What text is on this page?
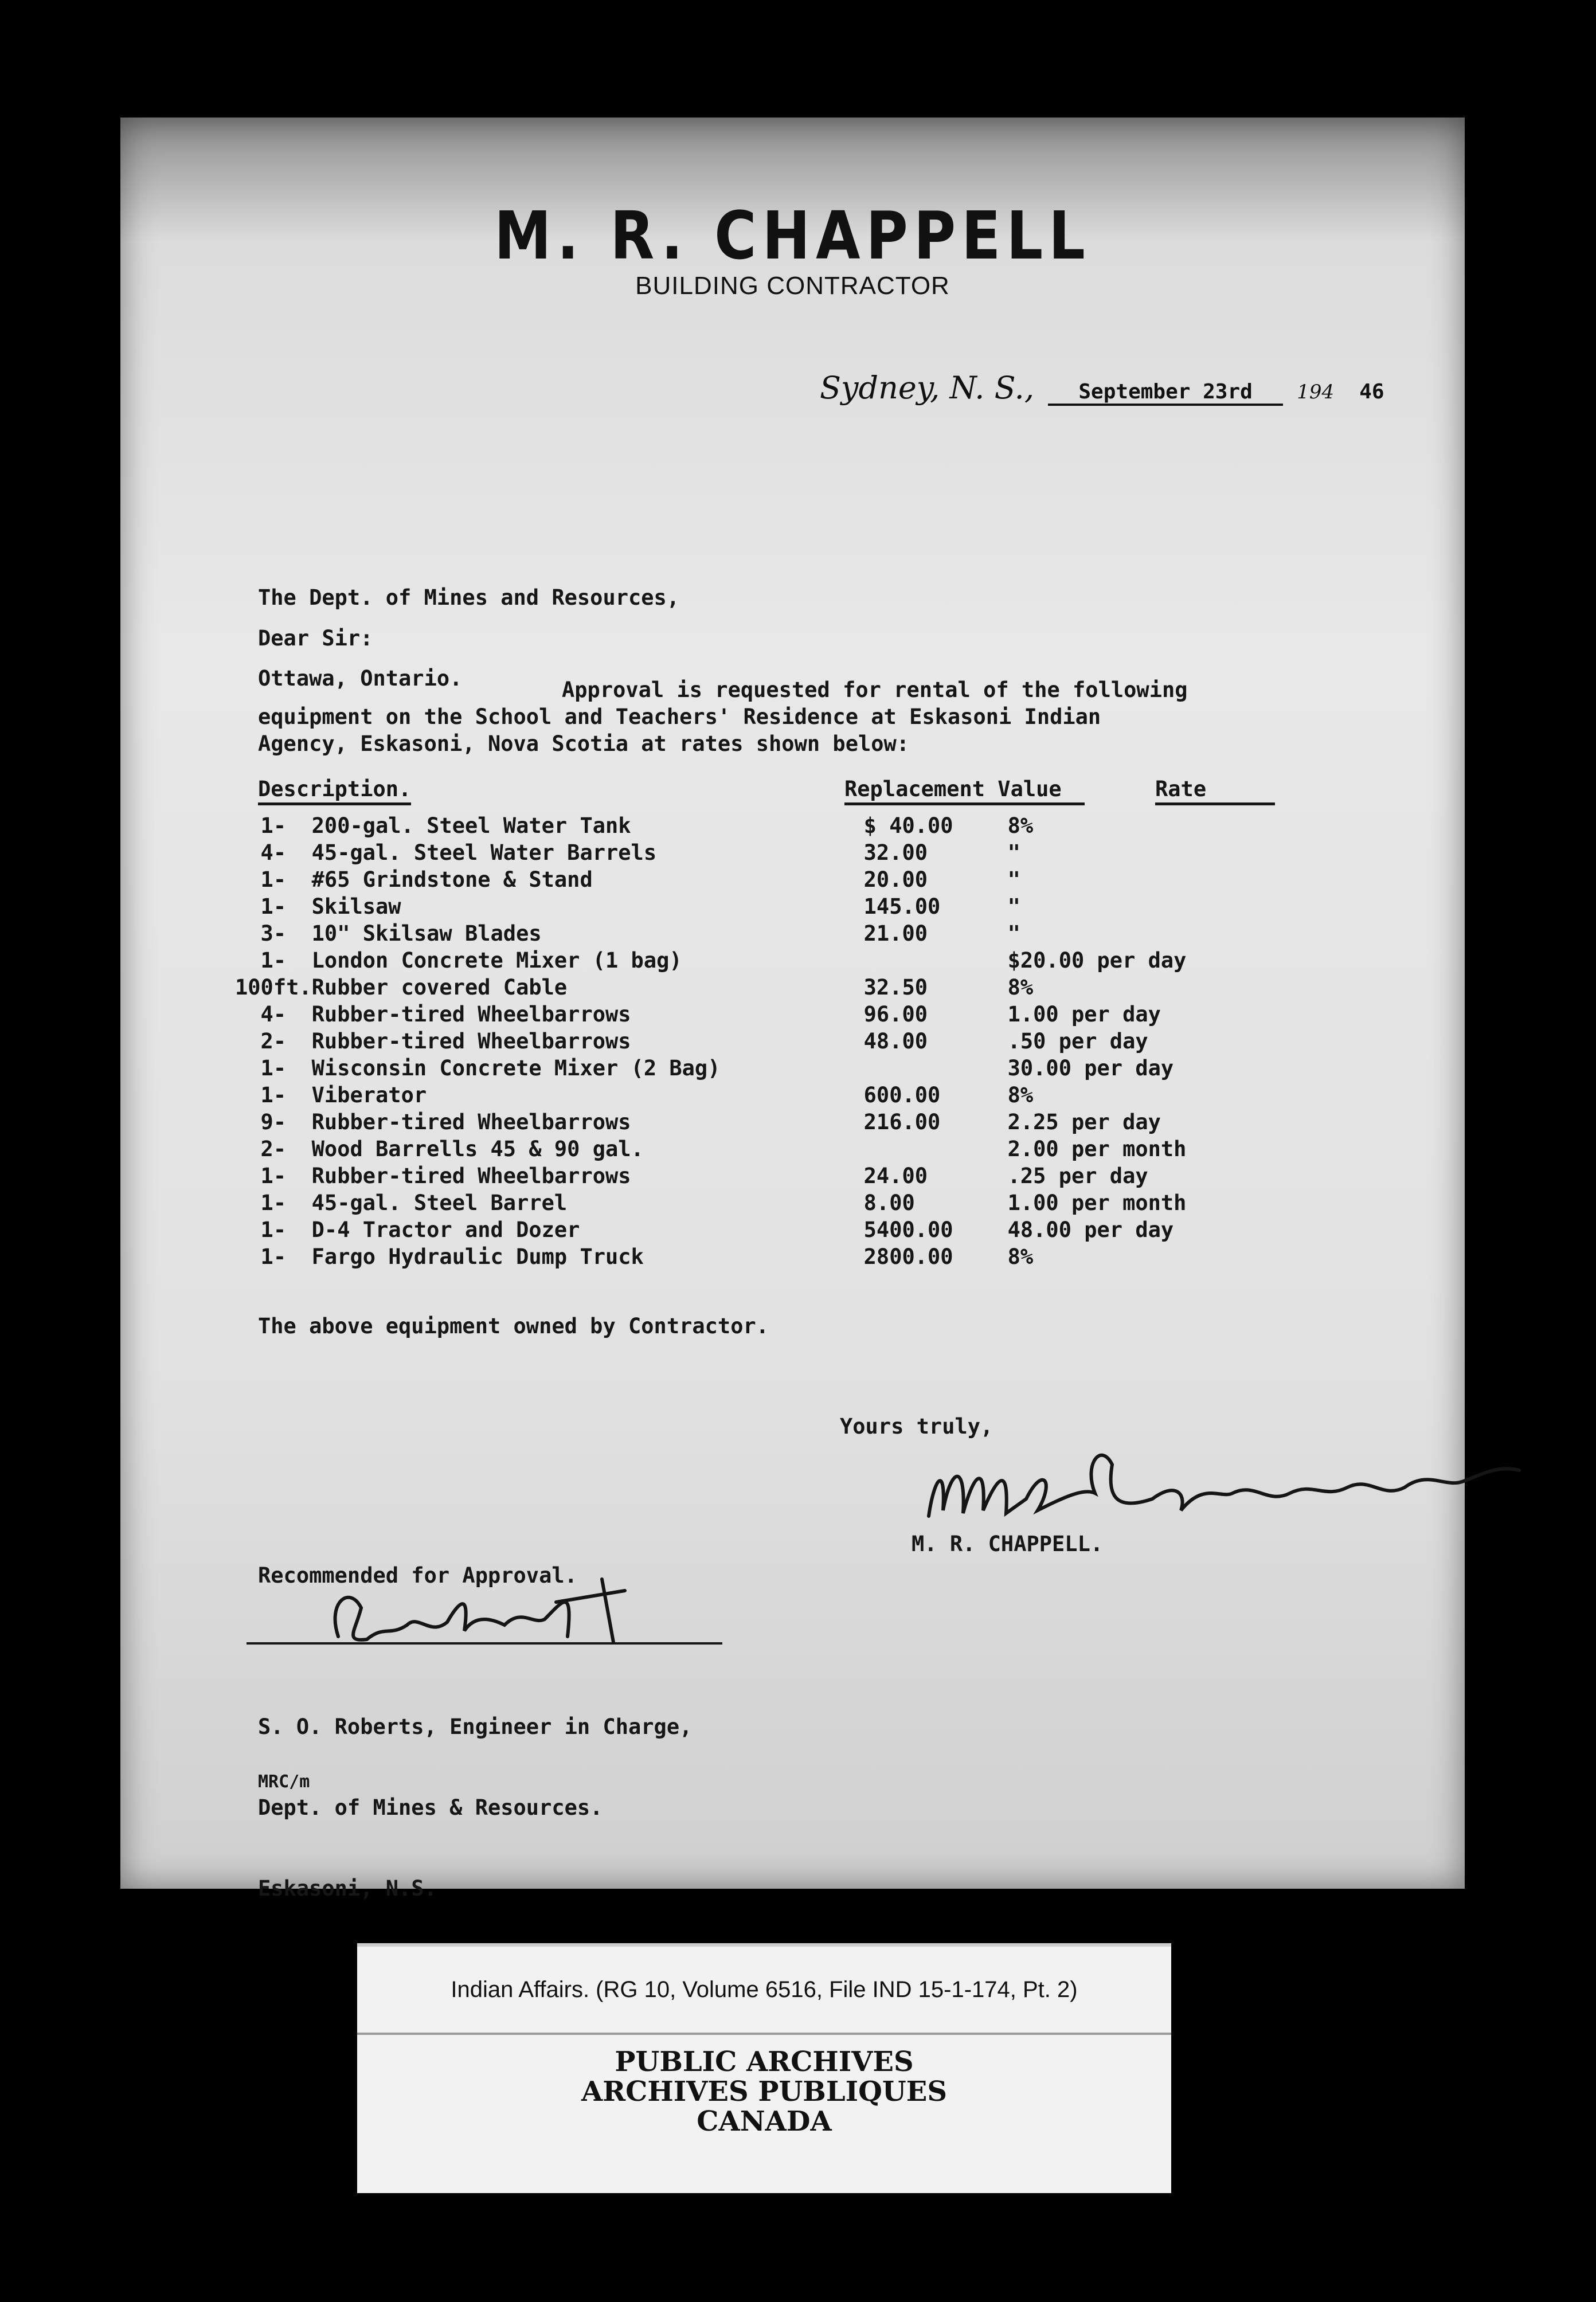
M. R. CHAPPELL
BUILDING CONTRACTOR
Sydney, N. S., September 23rd 194 46

The Dept. of Mines and Resources,

Ottawa, Ontario.

Dear Sir:
Approval is requested for rental of the following
equipment on the School and Teachers' Residence at Eskasoni Indian
Agency, Eskasoni, Nova Scotia at rates shown below:
Description.	Replacement Value	Rate
1	-	200-gal. Steel Water Tank	$ 40.00		8%
4	-	45-gal. Steel Water Barrels	32.00		"
1	-	#65 Grindstone & Stand	20.00		"
1	-	Skilsaw	145.00		"
3	-	10" Skilsaw Blades	21.00		"
1	-	London Concrete Mixer (1 bag)			$20.00 per day
100	ft.	Rubber covered Cable	32.50		8%
4	-	Rubber-tired Wheelbarrows	96.00		1.00 per day
2	-	Rubber-tired Wheelbarrows	48.00		.50 per day
1	-	Wisconsin Concrete Mixer (2 Bag)			30.00 per day
1	-	Viberator	600.00		8%
9	-	Rubber-tired Wheelbarrows	216.00		2.25 per day
2	-	Wood Barrells 45 & 90 gal.			2.00 per month
1	-	Rubber-tired Wheelbarrows	24.00		.25 per day
1	-	45-gal. Steel Barrel	8.00		1.00 per month
1	-	D-4 Tractor and Dozer	5400.00		48.00 per day
1	-	Fargo Hydraulic Dump Truck	2800.00		8%
The above equipment owned by Contractor.
Yours truly,
M. R. CHAPPELL.
Recommended for Approval.

S. O. Roberts, Engineer in Charge,

Dept. of Mines & Resources.

Eskasoni, N.S.

MRC/m
Indian Affairs. (RG 10, Volume 6516, File IND 15-1-174, Pt. 2)
PUBLIC ARCHIVES
ARCHIVES PUBLIQUES
CANADA
